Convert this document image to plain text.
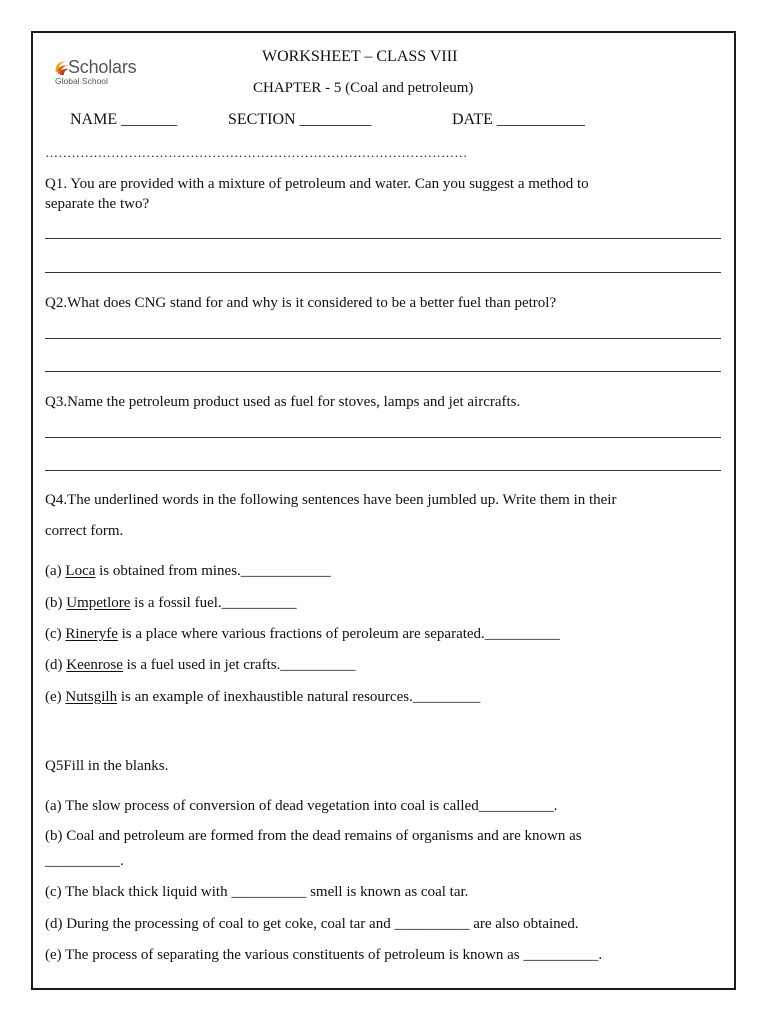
Scholars
Global School
WORKSHEET – CLASS VIII
CHAPTER - 5 (Coal and petroleum)
NAME _______	SECTION _________	DATE ___________
……………………………………………………………………………………
Q1. You are provided with a mixture of petroleum and water. Can you suggest a method to
separate the two?
Q2.What does CNG stand for and why is it considered to be a better fuel than petrol?
Q3.Name the petroleum product used as fuel for stoves, lamps and jet aircrafts.
Q4.The underlined words in the following sentences have been jumbled up. Write them in their
correct form.
(a) Loca is obtained from mines.____________
(b) Umpetlore is a fossil fuel.__________
(c) Rineryfe is a place where various fractions of peroleum are separated.__________
(d) Keenrose is a fuel used in jet crafts.__________
(e) Nutsgilh is an example of inexhaustible natural resources._________
Q5Fill in the blanks.
(a) The slow process of conversion of dead vegetation into coal is called__________.
(b) Coal and petroleum are formed from the dead remains of organisms and are known as
__________.
(c) The black thick liquid with __________ smell is known as coal tar.
(d) During the processing of coal to get coke, coal tar and __________ are also obtained.
(e) The process of separating the various constituents of petroleum is known as __________.
